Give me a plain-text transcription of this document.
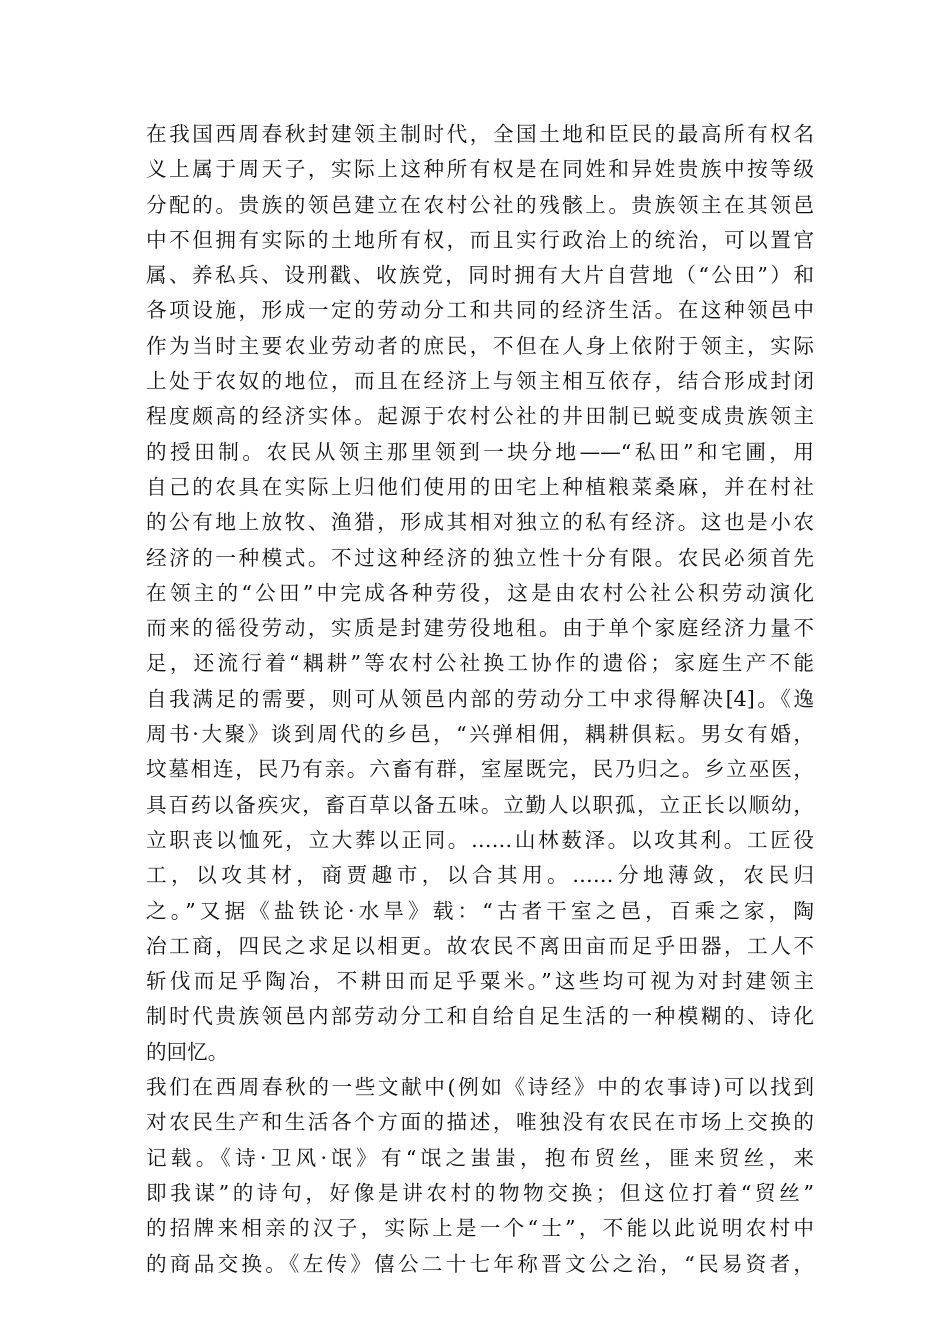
在我国西周春秋封建领主制时代，全国土地和臣民的最高所有权名
义上属于周天子，实际上这种所有权是在同姓和异姓贵族中按等级
分配的。贵族的领邑建立在农村公社的残骸上。贵族领主在其领邑
中不但拥有实际的土地所有权，而且实行政治上的统治，可以置官
属、养私兵、设刑戳、收族党，同时拥有大片自营地（“公田”）和
各项设施，形成一定的劳动分工和共同的经济生活。在这种领邑中
作为当时主要农业劳动者的庶民，不但在人身上依附于领主，实际
上处于农奴的地位，而且在经济上与领主相互依存，结合形成封闭
程度颇高的经济实体。起源于农村公社的井田制已蜕变成贵族领主
的授田制。农民从领主那里领到一块分地——“私田”和宅圃，用
自己的农具在实际上归他们使用的田宅上种植粮菜桑麻，并在村社
的公有地上放牧、渔猎，形成其相对独立的私有经济。这也是小农
经济的一种模式。不过这种经济的独立性十分有限。农民必须首先
在领主的“公田”中完成各种劳役，这是由农村公社公积劳动演化
而来的徭役劳动，实质是封建劳役地租。由于单个家庭经济力量不
足，还流行着“耦耕”等农村公社换工协作的遗俗；家庭生产不能
自我满足的需要，则可从领邑内部的劳动分工中求得解决[4]。《逸
周书·大聚》谈到周代的乡邑，“兴弹相佣，耦耕俱耘。男女有婚，
坟墓相连，民乃有亲。六畜有群，室屋既完，民乃归之。乡立巫医，
具百药以备疾灾，畜百草以备五味。立勤人以职孤，立正长以顺幼，
立职丧以恤死，立大葬以正同。……山林薮泽。以攻其利。工匠役
工，以攻其材，商贾趣市，以合其用。……分地薄敛，农民归
之。”又据《盐铁论·水旱》载：“古者干室之邑，百乘之家，陶
冶工商，四民之求足以相更。故农民不离田亩而足乎田器，工人不
斩伐而足乎陶冶，不耕田而足乎粟米。”这些均可视为对封建领主
制时代贵族领邑内部劳动分工和自给自足生活的一种模糊的、诗化
的回忆。
我们在西周春秋的一些文献中(例如《诗经》中的农事诗)可以找到
对农民生产和生活各个方面的描述，唯独没有农民在市场上交换的
记载。《诗·卫风·氓》有“氓之蚩蚩，抱布贸丝，匪来贸丝，来
即我谋”的诗句，好像是讲农村的物物交换；但这位打着“贸丝”
的招牌来相亲的汉子，实际上是一个“士”，不能以此说明农村中
的商品交换。《左传》僖公二十七年称晋文公之治，“民易资者，
